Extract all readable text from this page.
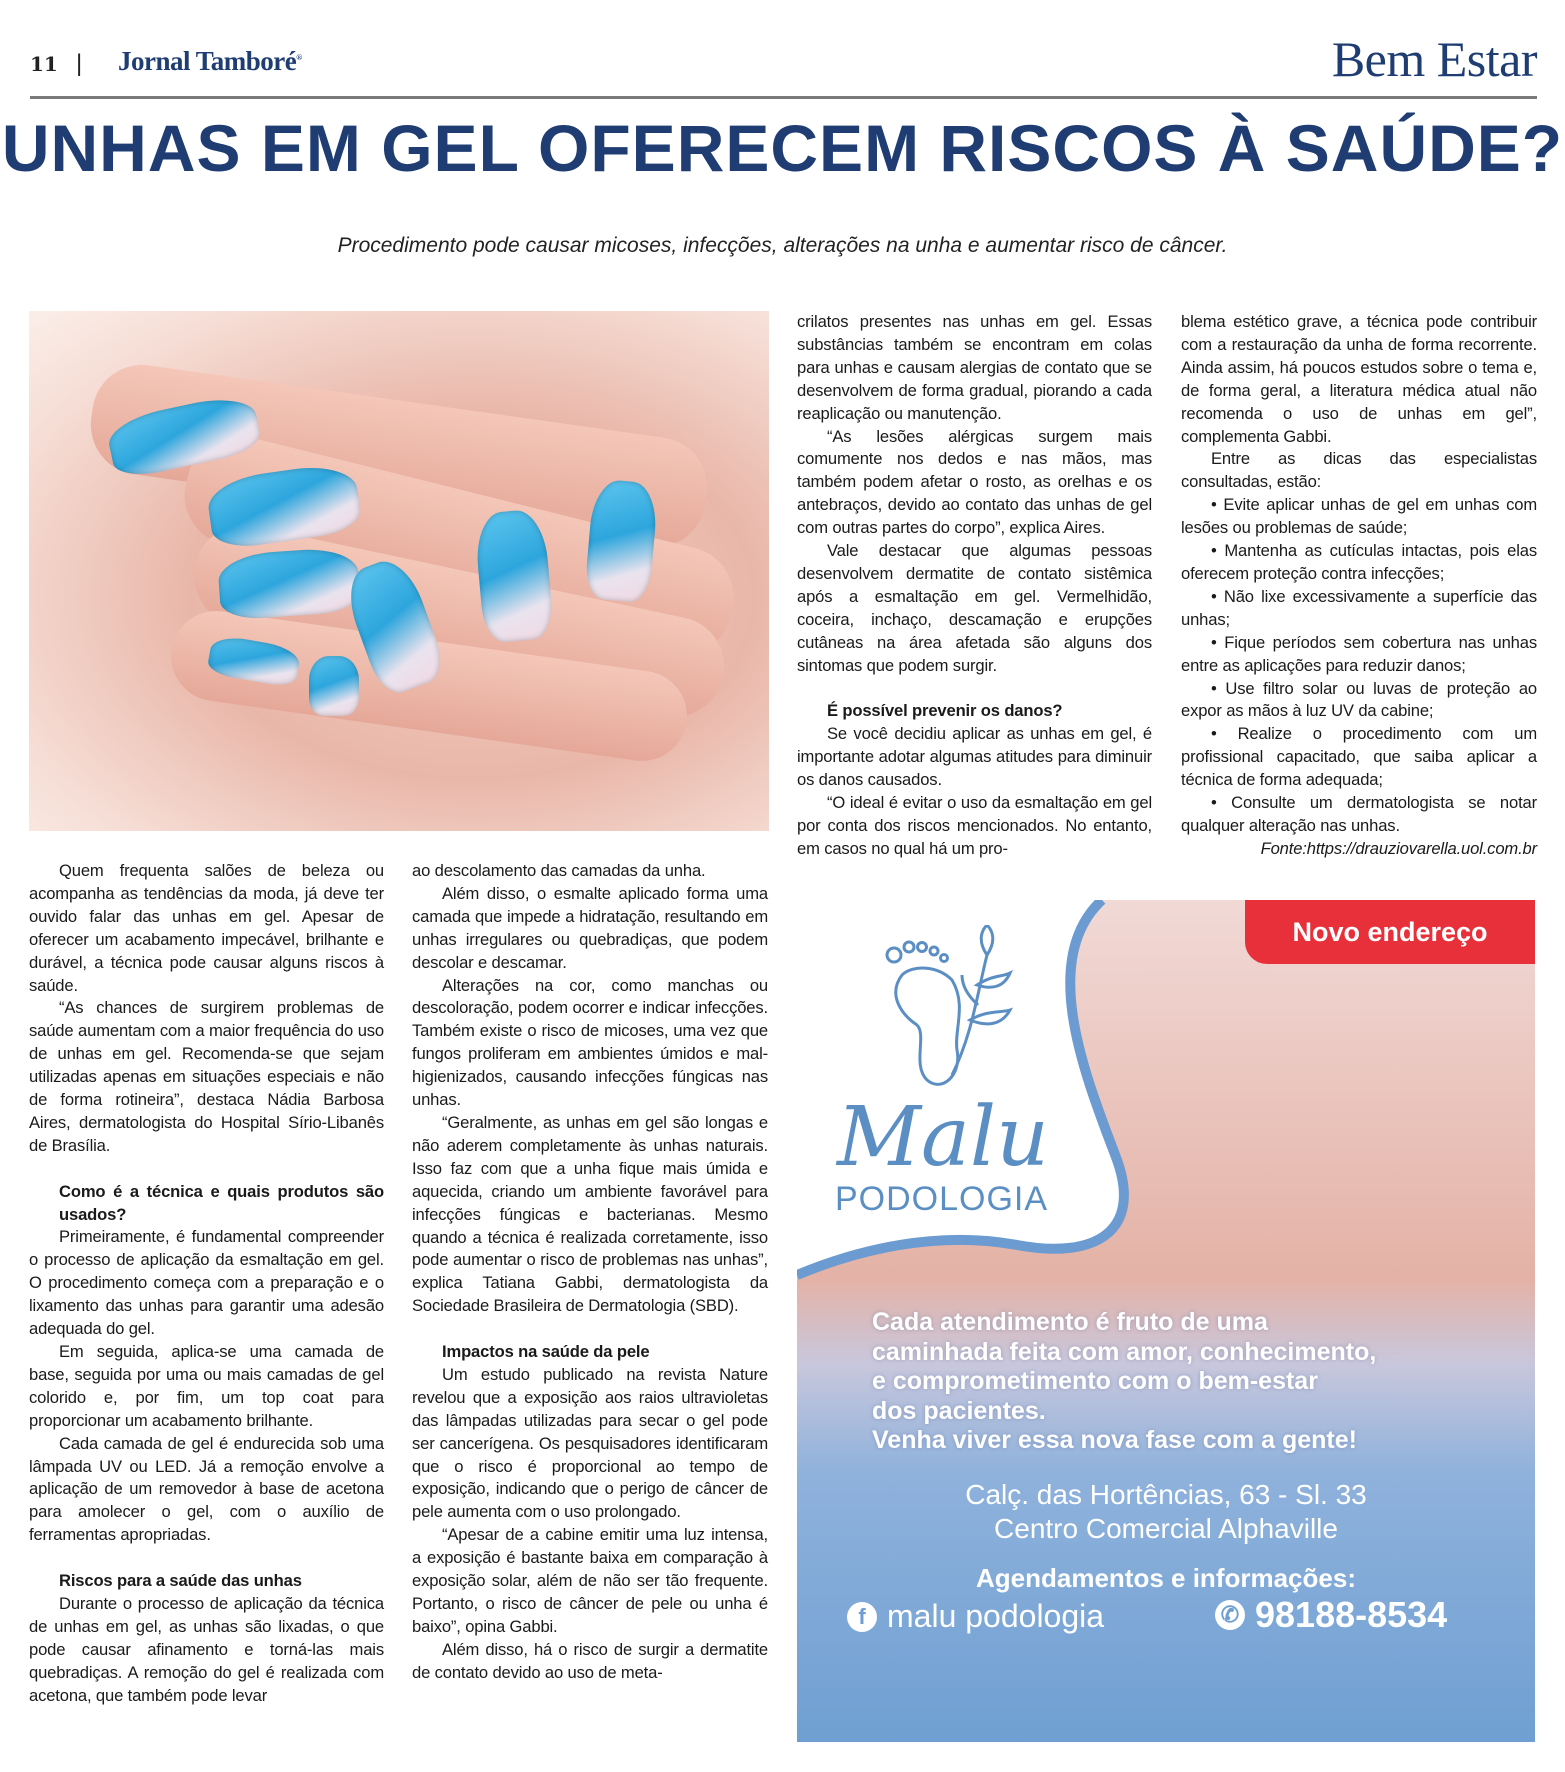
11 | Jornal Tamboré®	Bem Estar
UNHAS EM GEL OFERECEM RISCOS À SAÚDE?
Procedimento pode causar micoses, infecções, alterações na unha e aumentar risco de câncer.

Quem frequenta salões de beleza ou acompanha as tendências da moda, já deve ter ouvido falar das unhas em gel. Apesar de oferecer um acabamento impecável, brilhante e durável, a técnica pode causar alguns riscos à saúde.

“As chances de surgirem problemas de saúde aumentam com a maior frequência do uso de unhas em gel. Recomenda-se que sejam utilizadas apenas em situações especiais e não de forma rotineira”, destaca Nádia Barbosa Aires, dermatologista do Hospital Sírio-Libanês de Brasília.

Como é a técnica e quais produtos são usados?

Primeiramente, é fundamental compreender o processo de aplicação da esmaltação em gel. O procedimento começa com a preparação e o lixamento das unhas para garantir uma adesão adequada do gel.

Em seguida, aplica-se uma camada de base, seguida por uma ou mais camadas de gel colorido e, por fim, um top coat para proporcionar um acabamento brilhante.

Cada camada de gel é endurecida sob uma lâmpada UV ou LED. Já a remoção envolve a aplicação de um removedor à base de acetona para amolecer o gel, com o auxílio de ferramentas apropriadas.

Riscos para a saúde das unhas

Durante o processo de aplicação da técnica de unhas em gel, as unhas são lixadas, o que pode causar afinamento e torná-las mais quebradiças. A remoção do gel é realizada com acetona, que também pode levar

ao descolamento das camadas da unha.

Além disso, o esmalte aplicado forma uma camada que impede a hidratação, resultando em unhas irregulares ou quebradiças, que podem descolar e descamar.

Alterações na cor, como manchas ou descoloração, podem ocorrer e indicar infecções. Também existe o risco de micoses, uma vez que fungos proliferam em ambientes úmidos e mal-higienizados, causando infecções fúngicas nas unhas.

“Geralmente, as unhas em gel são longas e não aderem completamente às unhas naturais. Isso faz com que a unha fique mais úmida e aquecida, criando um ambiente favorável para infecções fúngicas e bacterianas. Mesmo quando a técnica é realizada corretamente, isso pode aumentar o risco de problemas nas unhas”, explica Tatiana Gabbi, dermatologista da Sociedade Brasileira de Dermatologia (SBD).

Impactos na saúde da pele

Um estudo publicado na revista Nature revelou que a exposição aos raios ultravioletas das lâmpadas utilizadas para secar o gel pode ser cancerígena. Os pesquisadores identificaram que o risco é proporcional ao tempo de exposição, indicando que o perigo de câncer de pele aumenta com o uso prolongado.

“Apesar de a cabine emitir uma luz intensa, a exposição é bastante baixa em comparação à exposição solar, além de não ser tão frequente. Portanto, o risco de câncer de pele ou unha é baixo”, opina Gabbi.

Além disso, há o risco de surgir a dermatite de contato devido ao uso de meta-

crilatos presentes nas unhas em gel. Essas substâncias também se encontram em colas para unhas e causam alergias de contato que se desenvolvem de forma gradual, piorando a cada reaplicação ou manutenção.

“As lesões alérgicas surgem mais comumente nos dedos e nas mãos, mas também podem afetar o rosto, as orelhas e os antebraços, devido ao contato das unhas de gel com outras partes do corpo”, explica Aires.

Vale destacar que algumas pessoas desenvolvem dermatite de contato sistêmica após a esmaltação em gel. Vermelhidão, coceira, inchaço, descamação e erupções cutâneas na área afetada são alguns dos sintomas que podem surgir.

É possível prevenir os danos?

Se você decidiu aplicar as unhas em gel, é importante adotar algumas atitudes para diminuir os danos causados.

“O ideal é evitar o uso da esmaltação em gel por conta dos riscos mencionados. No entanto, em casos no qual há um pro-

blema estético grave, a técnica pode contribuir com a restauração da unha de forma recorrente. Ainda assim, há poucos estudos sobre o tema e, de forma geral, a literatura médica atual não recomenda o uso de unhas em gel”, complementa Gabbi.

Entre as dicas das especialistas consultadas, estão:

• Evite aplicar unhas de gel em unhas com lesões ou problemas de saúde;

• Mantenha as cutículas intactas, pois elas oferecem proteção contra infecções;

• Não lixe excessivamente a superfície das unhas;

• Fique períodos sem cobertura nas unhas entre as aplicações para reduzir danos;

• Use filtro solar ou luvas de proteção ao expor as mãos à luz UV da cabine;

• Realize o procedimento com um profissional capacitado, que saiba aplicar a técnica de forma adequada;

• Consulte um dermatologista se notar qualquer alteração nas unhas.

Fonte:https://drauziovarella.uol.com.br

Malu
PODOLOGIA
Novo endereço
Cada atendimento é fruto de uma
caminhada feita com amor, conhecimento,
e comprometimento com o bem-estar
dos pacientes.
Venha viver essa nova fase com a gente!
Calç. das Hortências, 63 - Sl. 33
Centro Comercial Alphaville
Agendamentos e informações:
f malu podologia	✆ 98188-8534
